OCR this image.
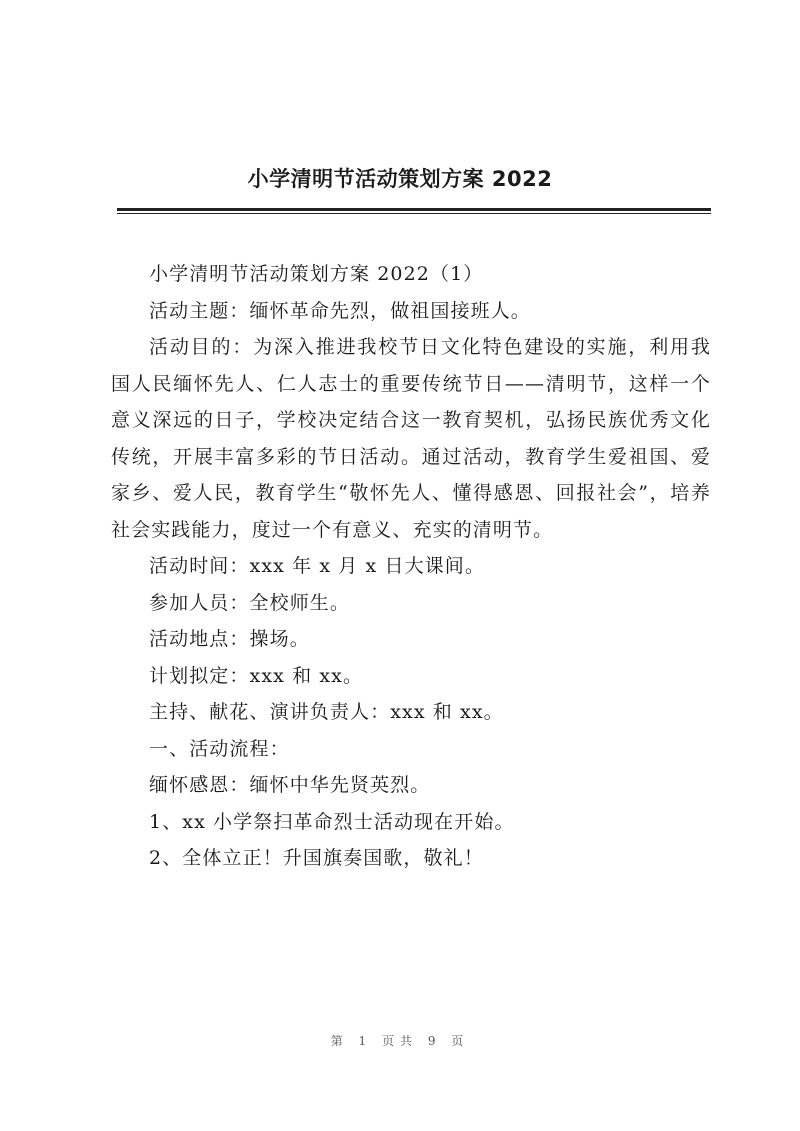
小学清明节活动策划方案 2022

小学清明节活动策划方案 2022（1）

活动主题：缅怀革命先烈，做祖国接班人。

活动目的：为深入推进我校节日文化特色建设的实施，利用我国人民缅怀先人、仁人志士的重要传统节日——清明节，这样一个意义深远的日子，学校决定结合这一教育契机，弘扬民族优秀文化传统，开展丰富多彩的节日活动。通过活动，教育学生爱祖国、爱家乡、爱人民，教育学生“敬怀先人、懂得感恩、回报社会”，培养社会实践能力，度过一个有意义、充实的清明节。

活动时间：xxx 年 x 月 x 日大课间。

参加人员：全校师生。

活动地点：操场。

计划拟定：xxx 和 xx。

主持、献花、演讲负责人：xxx 和 xx。

一、活动流程：

缅怀感恩：缅怀中华先贤英烈。

1、xx 小学祭扫革命烈士活动现在开始。

2、全体立正！升国旗奏国歌，敬礼！

第 1 页共 9 页
